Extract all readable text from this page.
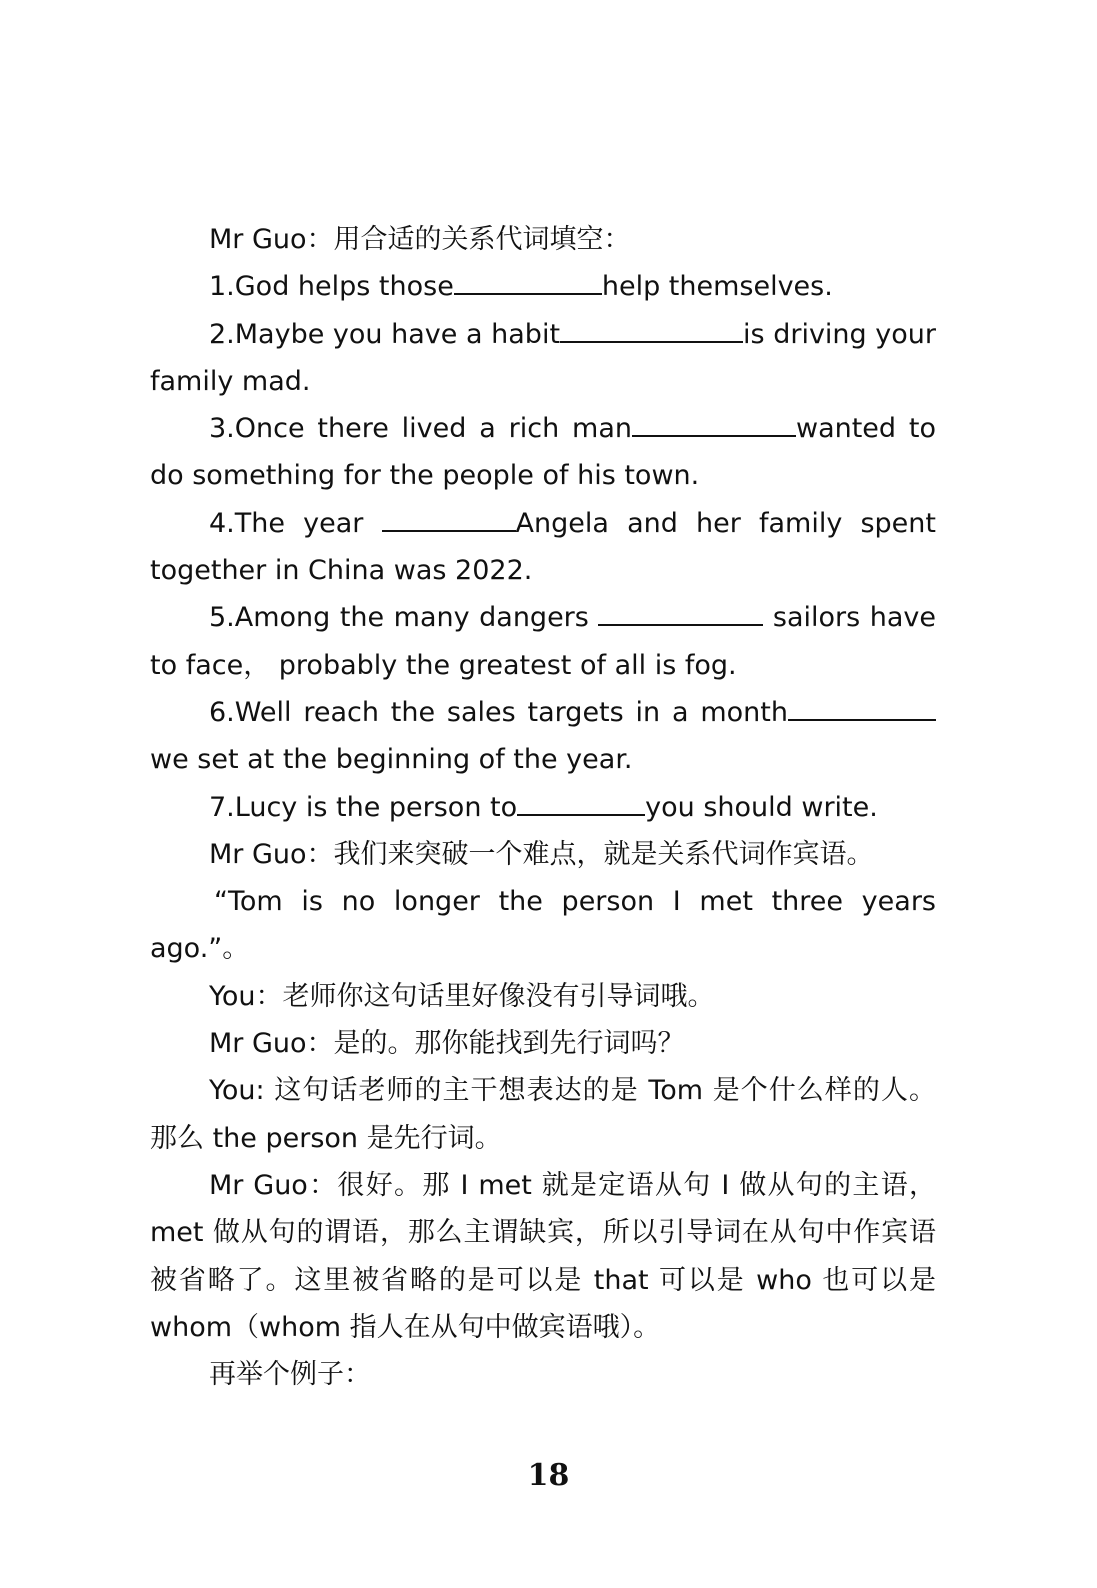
Mr Guo：用合适的关系代词填空：

1.God helps those	help themselves.

2.Maybe you have a habit	is driving your family mad.

3.Once there lived a rich man	wanted to do something for the people of his town.

4.The year	Angela and her family spent together in China was 2022.

5.Among the many dangers	sailors have to face， probably the greatest of all is fog.

6.Well reach the sales targets in a monthwe set at the beginning of the year.

7.Lucy is the person to	you should write.

Mr Guo：我们来突破一个难点，就是关系代词作宾语。

“Tom is no longer the person I met three years ago.”。

You：老师你这句话里好像没有引导词哦。

Mr Guo：是的。那你能找到先行词吗？

You: 这句话老师的主干想表达的是 Tom 是个什么样的人。那么 the person 是先行词。

Mr Guo：很好。那 I met 就是定语从句 I 做从句的主语，met 做从句的谓语，那么主谓缺宾，所以引导词在从句中作宾语被省略了。这里被省略的是可以是 that 可以是 who 也可以是 whom（whom 指人在从句中做宾语哦）。

再举个例子：

18
